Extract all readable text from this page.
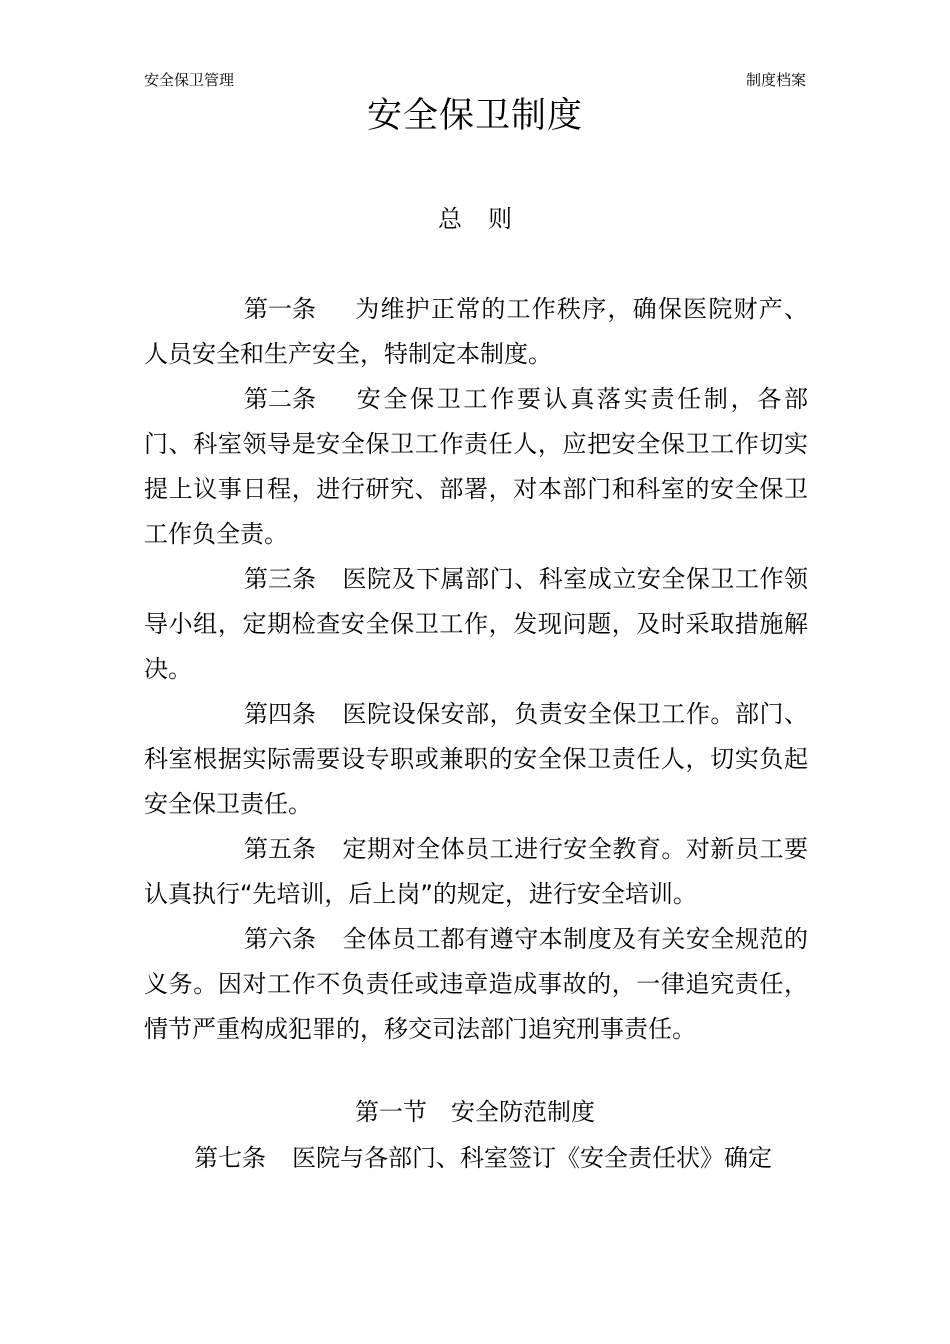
安全保卫管理	制度档案
安全保卫制度
总 则

第一条 为维护正常的工作秩序，确保医院财产、人员安全和生产安全，特制定本制度。

第二条 安全保卫工作要认真落实责任制，各部门、科室领导是安全保卫工作责任人，应把安全保卫工作切实提上议事日程，进行研究、部署，对本部门和科室的安全保卫工作负全责。

第三条 医院及下属部门、科室成立安全保卫工作领导小组，定期检查安全保卫工作，发现问题，及时采取措施解决。

第四条 医院设保安部，负责安全保卫工作。部门、科室根据实际需要设专职或兼职的安全保卫责任人，切实负起安全保卫责任。

第五条 定期对全体员工进行安全教育。对新员工要认真执行“先培训，后上岗”的规定，进行安全培训。

第六条 全体员工都有遵守本制度及有关安全规范的义务。因对工作不负责任或违章造成事故的，一律追究责任，情节严重构成犯罪的，移交司法部门追究刑事责任。

第一节　安全防范制度
第七条 医院与各部门、科室签订《安全责任状》确定
